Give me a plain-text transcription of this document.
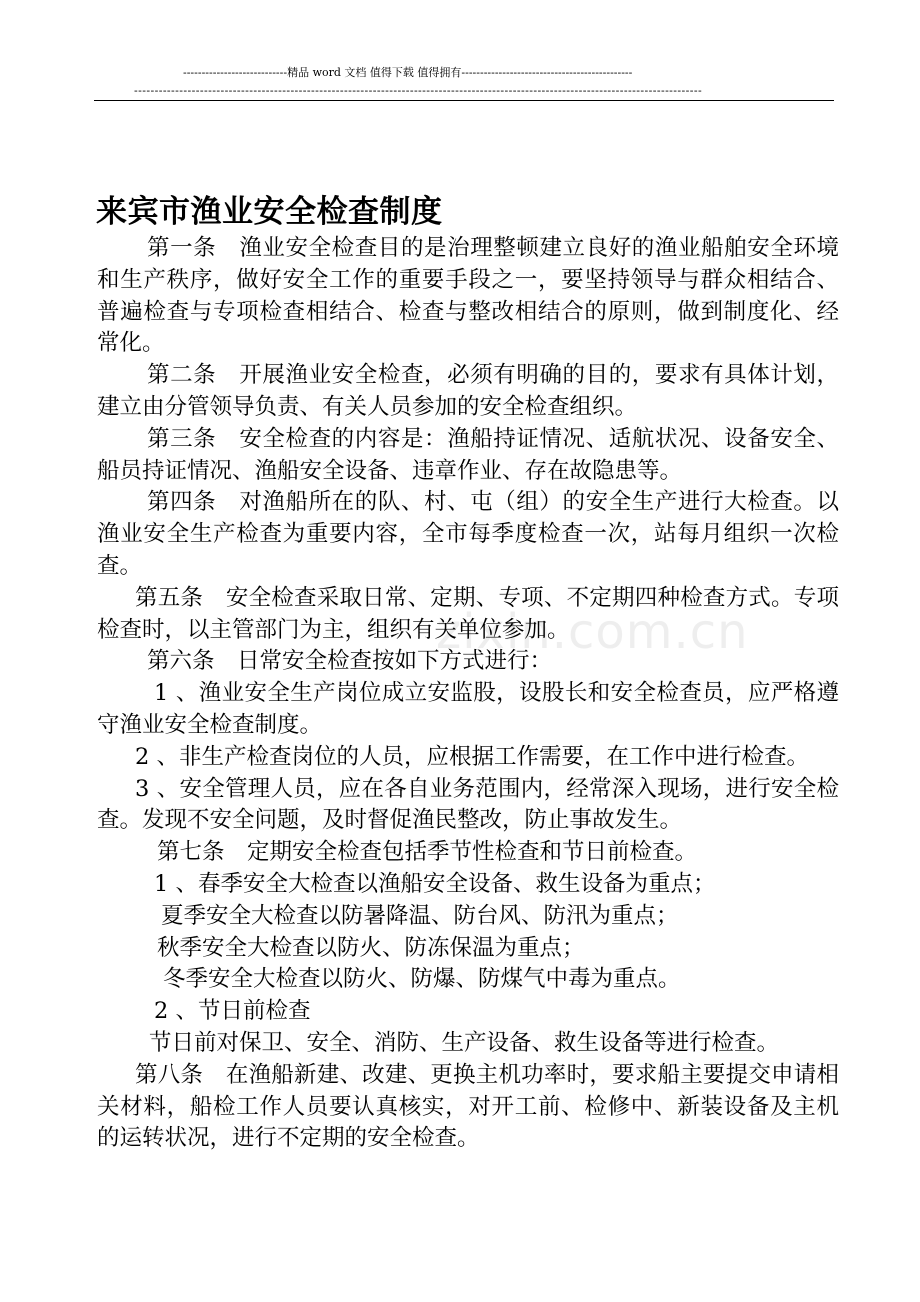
----------------------------精品 word 文档 值得下载 值得拥有----------------------------------------------
------------------------------------------------------------------------------------------------------------------------------------------
来宾市渔业安全检查制度
zixin.com.cn

第一条　渔业安全检查目的是治理整顿建立良好的渔业船舶安全环境和生产秩序，做好安全工作的重要手段之一，要坚持领导与群众相结合、普遍检查与专项检查相结合、检查与整改相结合的原则，做到制度化、经常化。

第二条　开展渔业安全检查，必须有明确的目的，要求有具体计划，建立由分管领导负责、有关人员参加的安全检查组织。

第三条　安全检查的内容是：渔船持证情况、适航状况、设备安全、船员持证情况、渔船安全设备、违章作业、存在故隐患等。

第四条　对渔船所在的队、村、屯（组）的安全生产进行大检查。以渔业安全生产检查为重要内容，全市每季度检查一次，站每月组织一次检查。

第五条　安全检查采取日常、定期、专项、不定期四种检查方式。专项检查时，以主管部门为主，组织有关单位参加。

第六条　日常安全检查按如下方式进行：

1 、渔业安全生产岗位成立安监股，设股长和安全检查员，应严格遵守渔业安全检查制度。

2 、非生产检查岗位的人员，应根据工作需要，在工作中进行检查。

3 、安全管理人员，应在各自业务范围内，经常深入现场，进行安全检查。发现不安全问题，及时督促渔民整改，防止事故发生。

第七条　定期安全检查包括季节性检查和节日前检查。

1 、春季安全大检查以渔船安全设备、救生设备为重点；

夏季安全大检查以防暑降温、防台风、防汛为重点；

秋季安全大检查以防火、防冻保温为重点；

冬季安全大检查以防火、防爆、防煤气中毒为重点。

2 、节日前检查

节日前对保卫、安全、消防、生产设备、救生设备等进行检查。

第八条　在渔船新建、改建、更换主机功率时，要求船主要提交申请相关材料，船检工作人员要认真核实，对开工前、检修中、新装设备及主机的运转状况，进行不定期的安全检查。
